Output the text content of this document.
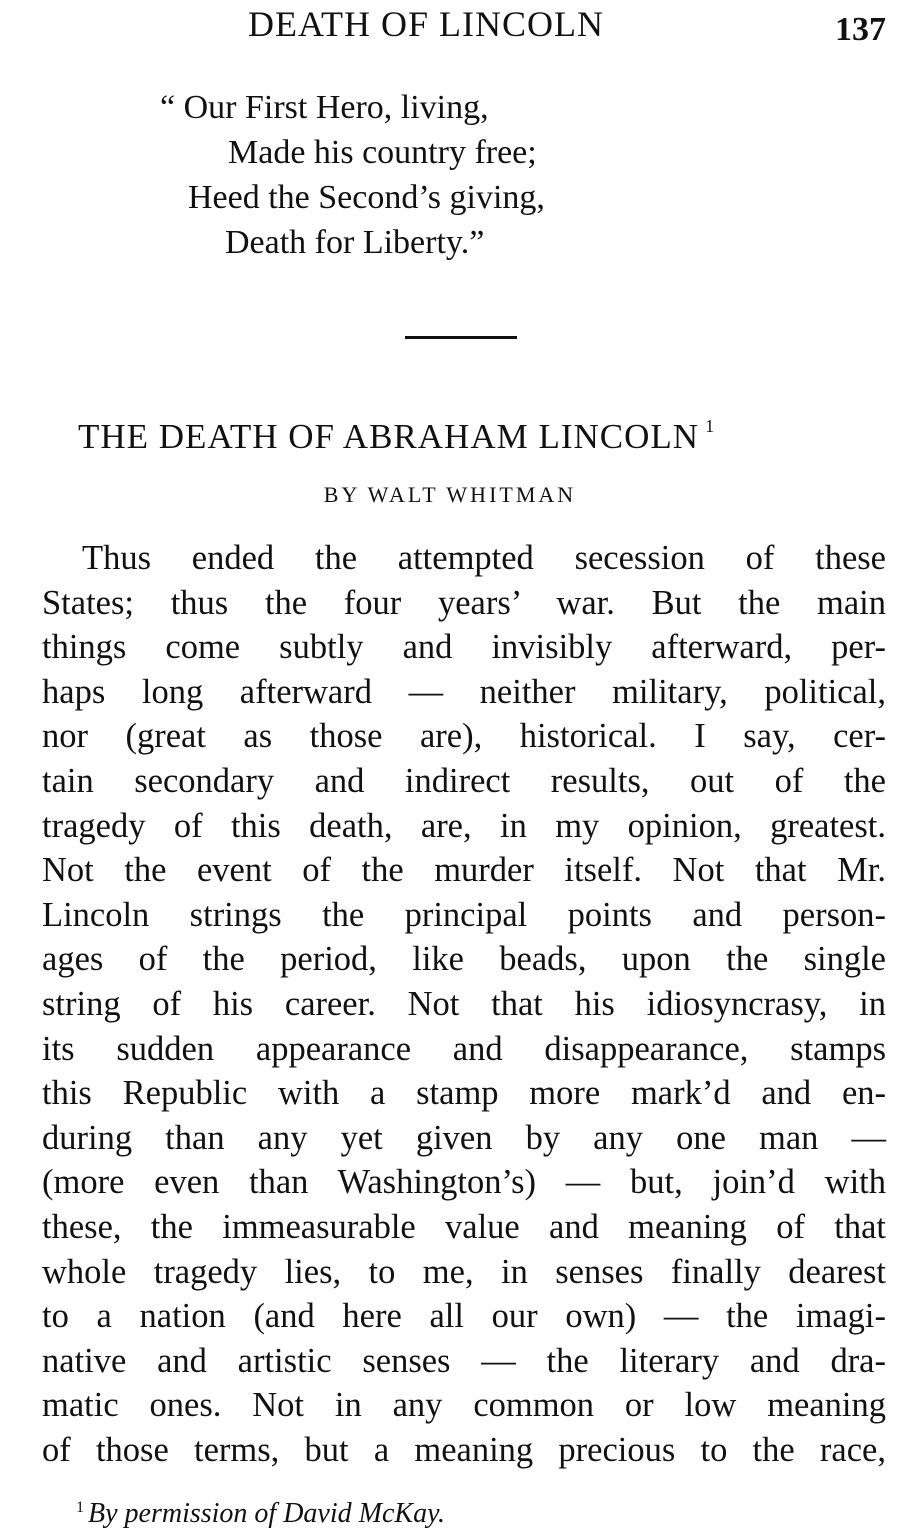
DEATH OF LINCOLN	137
“ Our First Hero, living,
Made his country free;
Heed the Second’s giving,
Death for Liberty.”
THE DEATH OF ABRAHAM LINCOLN $^1$
BY WALT WHITMAN
Thus ended the attempted secession of these
States; thus the four years’ war. But the main
things come subtly and invisibly afterward, per-
haps long afterward — neither military, political,
nor (great as those are), historical. I say, cer-
tain secondary and indirect results, out of the
tragedy of this death, are, in my opinion, greatest.
Not the event of the murder itself. Not that Mr.
Lincoln strings the principal points and person-
ages of the period, like beads, upon the single
string of his career. Not that his idiosyncrasy, in
its sudden appearance and disappearance, stamps
this Republic with a stamp more mark’d and en-
during than any yet given by any one man —
(more even than Washington’s) — but, join’d with
these, the immeasurable value and meaning of that
whole tragedy lies, to me, in senses finally dearest
to a nation (and here all our own) — the imagi-
native and artistic senses — the literary and dra-
matic ones. Not in any common or low meaning
of those terms, but a meaning precious to the race,
$^1$ By permission of David McKay.
